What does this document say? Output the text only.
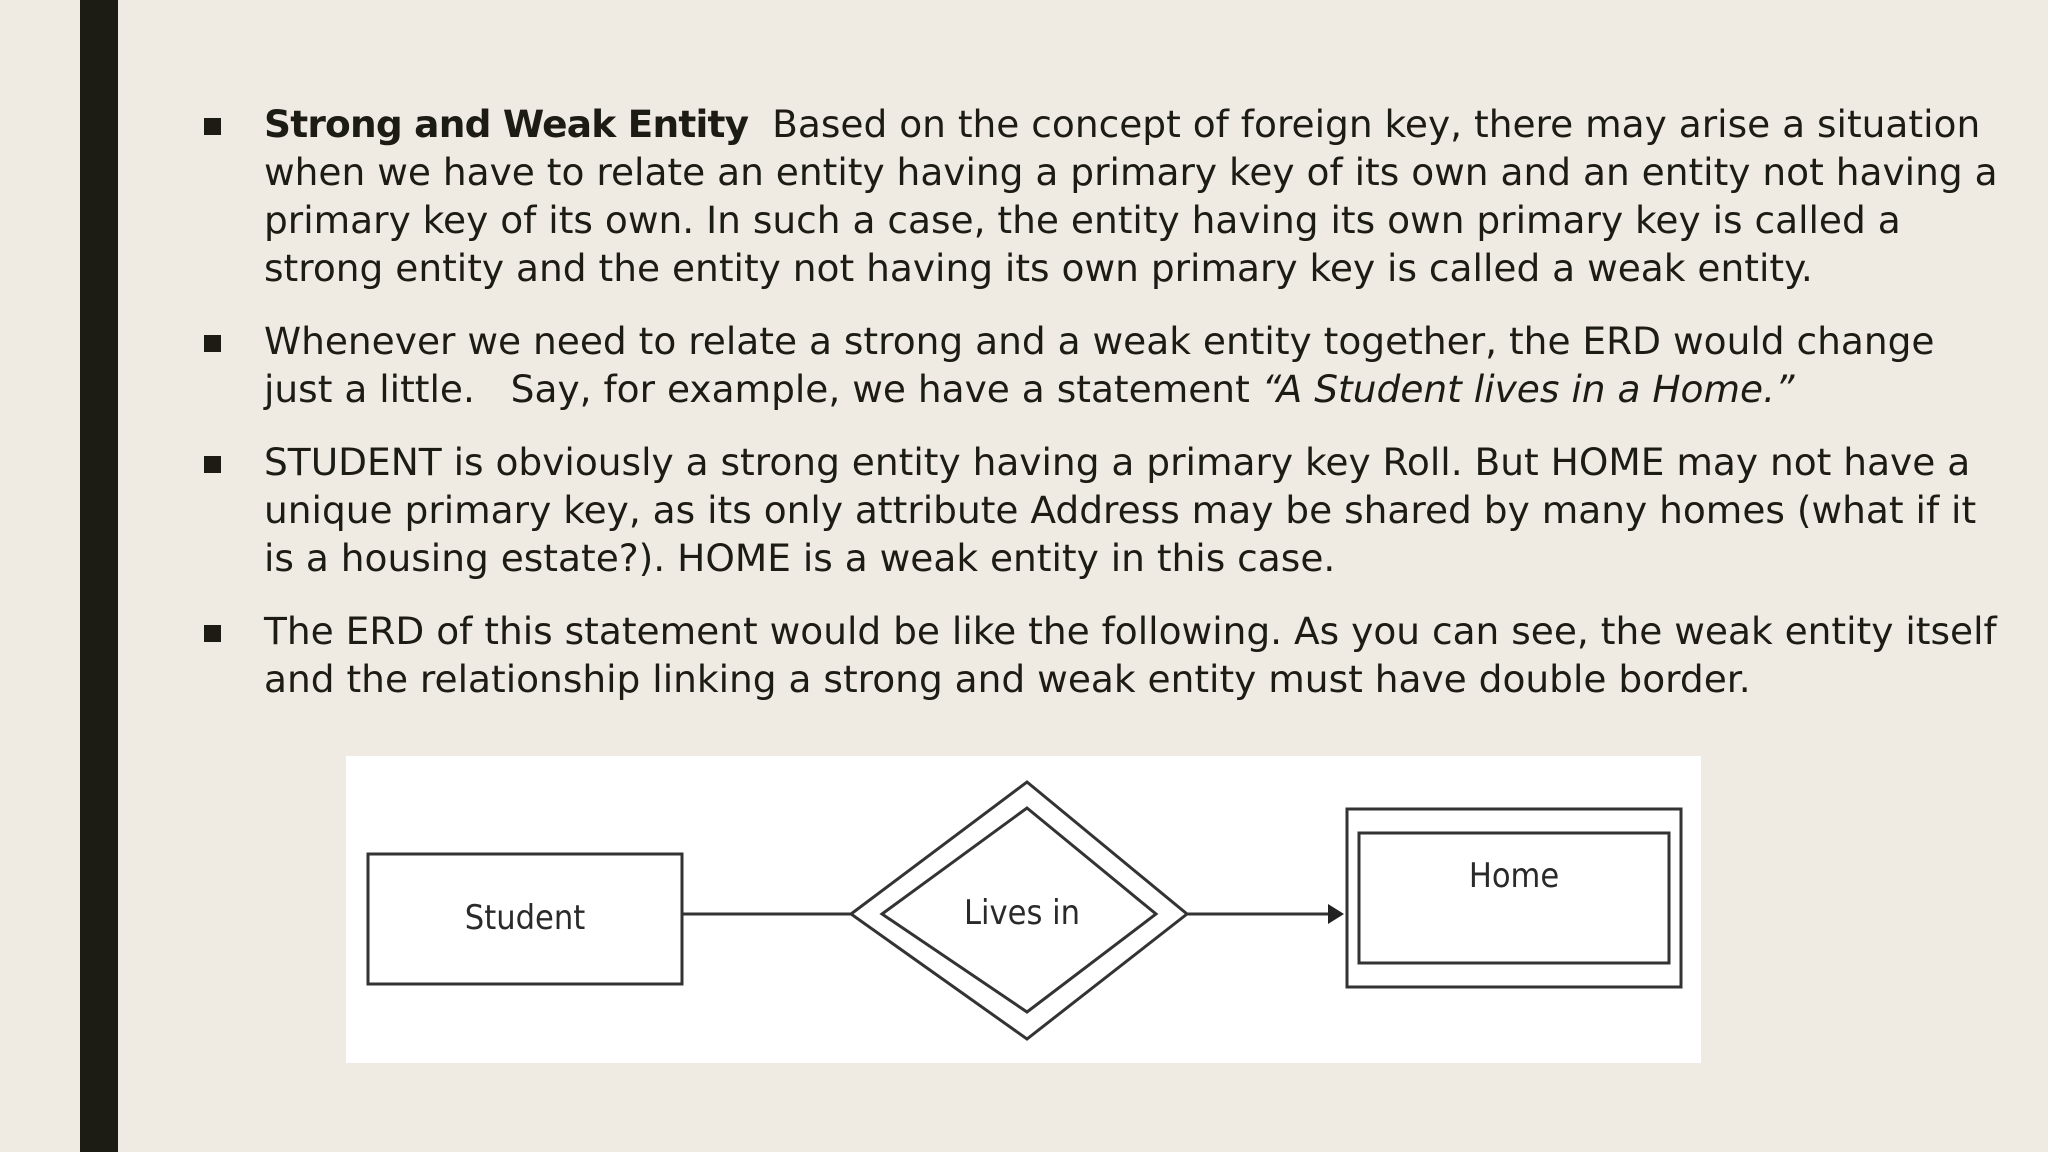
Strong and Weak Entity Based on the concept of foreign key, there may arise a situation when we have to relate an entity having a primary key of its own and an entity not having a primary key of its own. In such a case, the entity having its own primary key is called a strong entity and the entity not having its own primary key is called a weak entity.
Whenever we need to relate a strong and a weak entity together, the ERD would change just a little.   Say, for example, we have a statement “A Student lives in a Home.”
STUDENT is obviously a strong entity having a primary key Roll. But HOME may not have a unique primary key, as its only attribute Address may be shared by many homes (what if it is a housing estate?). HOME is a weak entity in this case.
The ERD of this statement would be like the following. As you can see, the weak entity itself and the relationship linking a strong and weak entity must have double border.
Student	Lives in
Home
